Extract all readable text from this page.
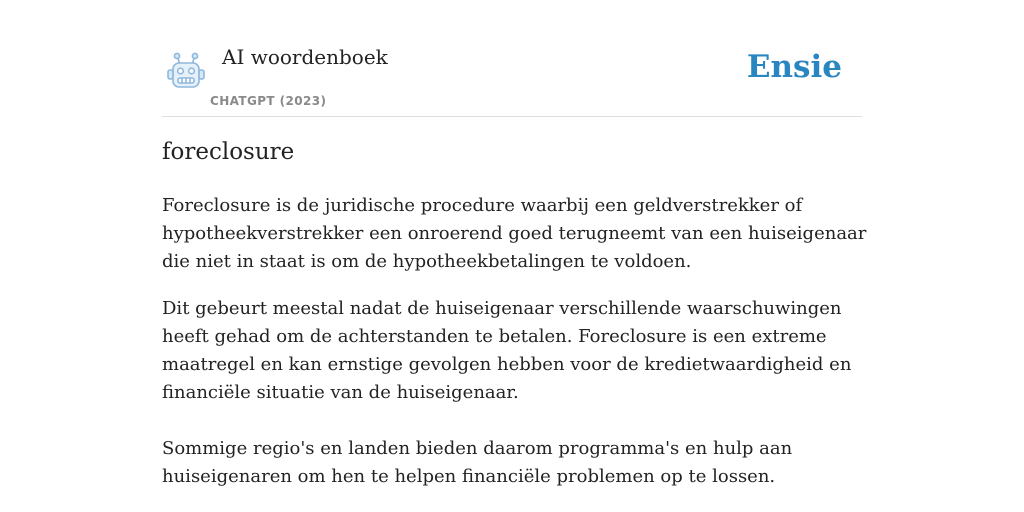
AI woordenboek
CHATGPT (2023)
Ensie
foreclosure

Foreclosure is de juridische procedure waarbij een geldverstrekker of hypotheekverstrekker een onroerend goed terugneemt van een huiseigenaar die niet in staat is om de hypotheekbetalingen te voldoen.

Dit gebeurt meestal nadat de huiseigenaar verschillende waarschuwingen heeft gehad om de achterstanden te betalen. Foreclosure is een extreme maatregel en kan ernstige gevolgen hebben voor de kredietwaardigheid en financiële situatie van de huiseigenaar.

Sommige regio's en landen bieden daarom programma's en hulp aan huiseigenaren om hen te helpen financiële problemen op te lossen.
